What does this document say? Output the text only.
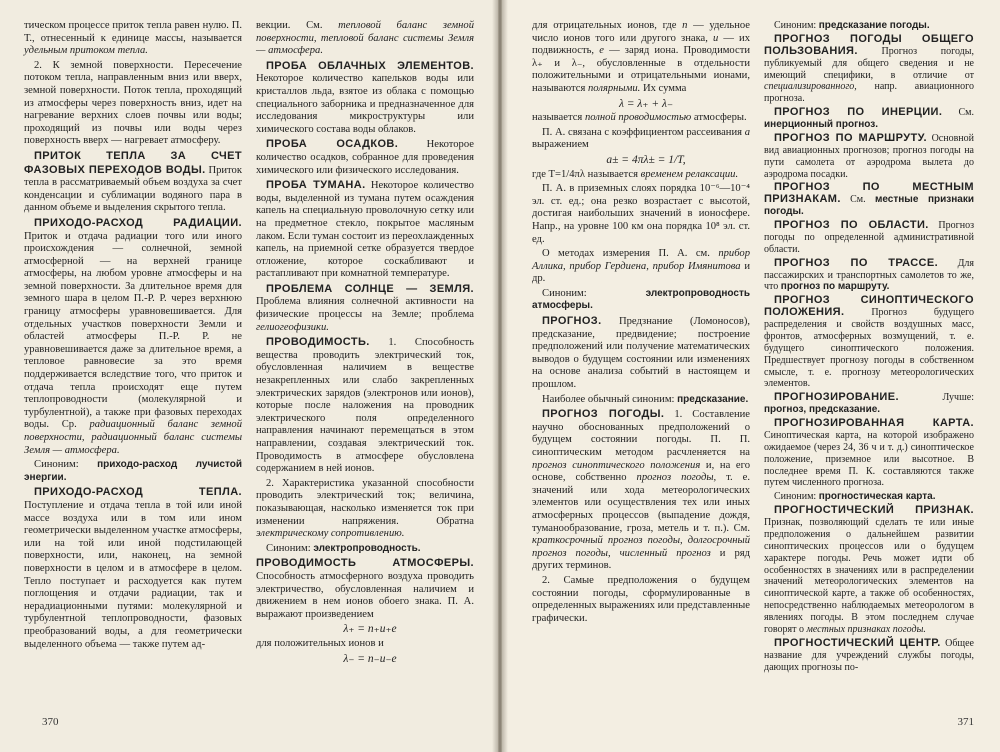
тическом процессе приток тепла равен нулю. П. Т., отнесенный к единице массы, называется удельным притоком тепла.

2. К земной поверхности. Пересечение потоком тепла, направленным вниз или вверх, земной поверхности. Поток тепла, проходящий из атмосферы через поверхность вниз, идет на нагревание верхних слоев почвы или воды; проходящий из почвы или воды через поверхность вверх — нагревает атмосферу.

ПРИТОК ТЕПЛА ЗА СЧЕТ ФАЗОВЫХ ПЕРЕХОДОВ ВОДЫ. Приток тепла в рассматриваемый объем воздуха за счет конденсации и сублимации водяного пара в данном объеме и выделения скрытого тепла.

ПРИХОДО-РАСХОД РАДИАЦИИ. Приток и отдача радиации того или иного происхождения — солнечной, земной атмосферной — на верхней границе атмосферы, на любом уровне атмосферы и на земной поверхности. За длительное время для земного шара в целом П.-Р. Р. через верхнюю границу атмосферы уравновешивается. Для отдельных участков поверхности Земли и областей атмосферы П.-Р. Р. не уравновешивается даже за длительное время, а тепловое равновесие за это время поддерживается вследствие того, что приток и отдача тепла происходят еще путем теплопроводности (молекулярной и турбулентной), а также при фазовых переходах воды. Ср. радиационный баланс земной поверхности, радиационный баланс системы Земля — атмосфера.

Синоним: приходо-расход лучистой энергии.

ПРИХОДО-РАСХОД ТЕПЛА. Поступление и отдача тепла в той или иной массе воздуха или в том или ином геометрически выделенном участке атмосферы, или на той или иной подстилающей поверхности, или, наконец, на земной поверхности в целом и в атмосфере в целом. Тепло поступает и расходуется как путем поглощения и отдачи радиации, так и нерадиационными путями: молекулярной и турбулентной теплопроводности, фазовых преобразований воды, а для геометрически выделенного объема — также путем ад-

векции. См. тепловой баланс земной поверхности, тепловой баланс системы Земля — атмосфера.

ПРОБА ОБЛАЧНЫХ ЭЛЕМЕНТОВ. Некоторое количество капельков воды или кристаллов льда, взятое из облака с помощью специального заборника и предназначенное для исследования микроструктуры или химического состава воды облаков.

ПРОБА ОСАДКОВ.	Некоторое количество осадков, собранное для проведения химического или физического исследования.

ПРОБА ТУМАНА. Некоторое количество воды, выделенной из тумана путем осаждения капель на специальную проволочную сетку или на предметное стекло, покрытое масляным лаком. Если туман состоит из переохлажденных капель, на приемной сетке образуется твердое отложение, которое соскабливают и растапливают при комнатной температуре.

ПРОБЛЕМА СОЛНЦЕ — ЗЕМЛЯ. Проблема влияния солнечной активности на физические процессы на Земле; проблема гелиогеофизики.

ПРОВОДИМОСТЬ. 1. Способность вещества проводить электрический ток, обусловленная наличием в веществе незакрепленных или слабо закрепленных электрических зарядов (электронов или ионов), которые после наложения на проводник электрического поля определенного направления начинают перемещаться в этом направлении, создавая электрический ток. Проводимость в атмосфере обусловлена содержанием в ней ионов.

2. Характеристика указанной способности проводить электрический ток; величина, показывающая, насколько изменяется ток при изменении напряжения. Обратна электрическому сопротивлению.

Синоним: электропроводность.

ПРОВОДИМОСТЬ АТМОСФЕРЫ. Способность атмосферного воздуха проводить электричество, обусловленная наличием и движением в нем ионов обоего знака. П. А. выражают произведением

λ₊ = n₊u₊e

для положительных ионов и

λ₋ = n₋u₋e

370

для отрицательных ионов, где n — удельное число ионов того или другого знака, u — их подвижность, e — заряд иона. Проводимости λ₊ и λ₋, обусловленные в отдельности положительными и отрицательными ионами, называются полярными. Их сумма

λ = λ₊ + λ₋

называется полной проводимостью атмосферы.

П. А. связана с коэффициентом рассеивания a выражением

a± = 4πλ± = 1/T,

где T=1/4πλ называется временем релаксации.

П. А. в приземных слоях порядка 10⁻⁶—10⁻⁴ эл. ст. ед.; она резко возрастает с высотой, достигая наибольших значений в ионосфере. Напр., на уровне 100 км она порядка 10⁸ эл. ст. ед.

О методах измерения П. А. см. прибор Аллика, прибор Гердиена, прибор Имянитова и др.

Синоним: электропроводность атмосферы.

ПРОГНОЗ. Предзнание (Ломоносов), предсказание, предвидение; построение предположений или получение математических выводов о будущем состоянии или изменениях на основе анализа событий в настоящем и прошлом.

Наиболее обычный синоним: предсказание.

ПРОГНОЗ ПОГОДЫ. 1. Составление научно обоснованных предположений о будущем состоянии погоды. П. П. синоптическим методом расчленяется на прогноз синоптического положения и, на его основе, собственно прогноз погоды, т. е. значений или хода метеорологических элементов или осуществления тех или иных атмосферных процессов (выпадение дождя, туманообразование, гроза, метель и т. п.). См. краткосрочный прогноз погоды, долгосрочный прогноз погоды, численный прогноз и ряд других терминов.

2. Самые предположения о будущем состоянии погоды, сформулированные в определенных выражениях или представленные графически.

Синоним: предсказание погоды.

ПРОГНОЗ ПОГОДЫ ОБЩЕГО ПОЛЬЗОВАНИЯ. Прогноз погоды, публикуемый для общего сведения и не имеющий специфики, в отличие от специализированного, напр. авиационного прогноза.

ПРОГНОЗ ПО ИНЕРЦИИ. См. инерционный прогноз.

ПРОГНОЗ ПО МАРШРУТУ. Основной вид авиационных прогнозов; прогноз погоды на пути самолета от аэродрома вылета до аэродрома посадки.

ПРОГНОЗ ПО МЕСТНЫМ ПРИЗНАКАМ. См. местные признаки погоды.

ПРОГНОЗ ПО ОБЛАСТИ. Прогноз погоды по определенной административной области.

ПРОГНОЗ ПО ТРАССЕ. Для пассажирских и транспортных самолетов то же, что прогноз по маршруту.

ПРОГНОЗ СИНОПТИЧЕСКОГО ПОЛОЖЕНИЯ.	Прогноз будущего распределения и свойств воздушных масс, фронтов, атмосферных возмущений, т. е. будущего синоптического положения. Предшествует прогнозу погоды в собственном смысле, т. е. прогнозу метеорологических элементов.

ПРОГНОЗИРОВАНИЕ.	Лучше: прогноз, предсказание.

ПРОГНОЗИРОВАННАЯ КАРТА. Синоптическая карта, на которой изображено ожидаемое (через 24, 36 ч и т. д.) синоптическое положение, приземное или высотное. В последнее время П. К. составляются также путем численного прогноза.

Синоним: прогностическая карта.

ПРОГНОСТИЧЕСКИЙ ПРИЗНАК. Признак, позволяющий сделать те или иные предположения о дальнейшем развитии синоптических процессов или о будущем характере погоды. Речь может идти об особенностях в значениях или в распределении значений метеорологических элементов на синоптической карте, а также об особенностях, непосредственно наблюдаемых метеорологом в явлениях погоды. В этом последнем случае говорят о местных признаках погоды.

ПРОГНОСТИЧЕСКИЙ ЦЕНТР. Общее название для учреждений службы погоды, дающих прогнозы по-

371
